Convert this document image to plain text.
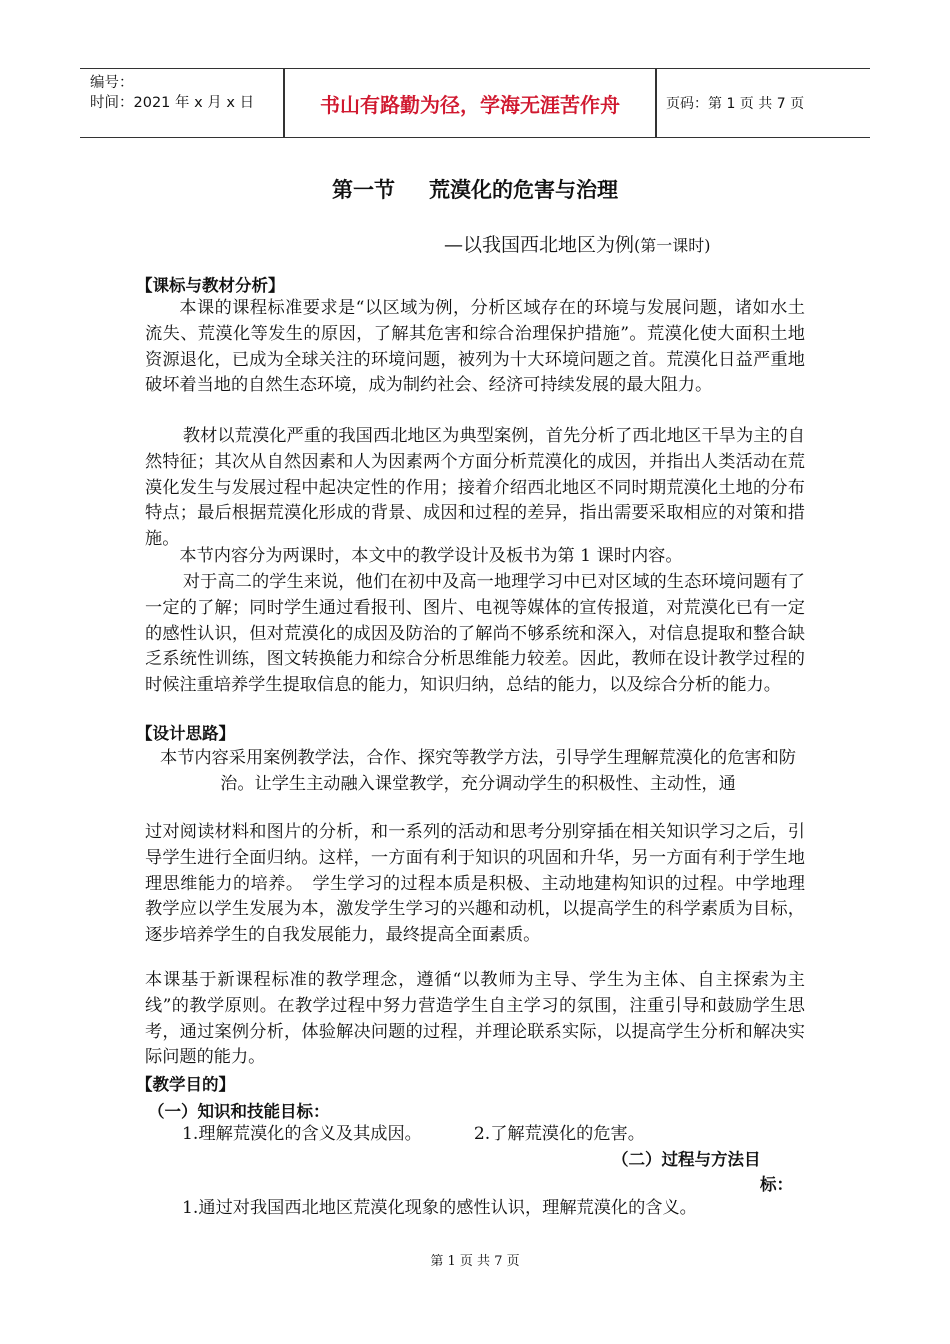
编号：
时间：2021 年 x 月 x 日	书山有路勤为径，学海无涯苦作舟	页码：第 1 页 共 7 页
第一节 荒漠化的危害与治理
—以我国西北地区为例(第一课时)
【课标与教材分析】

本课的课程标准要求是“以区域为例，分析区域存在的环境与发展问题，诸如水土流失、荒漠化等发生的原因，了解其危害和综合治理保护措施”。荒漠化使大面积土地资源退化，已成为全球关注的环境问题，被列为十大环境问题之首。荒漠化日益严重地破坏着当地的自然生态环境，成为制约社会、经济可持续发展的最大阻力。

教材以荒漠化严重的我国西北地区为典型案例，首先分析了西北地区干旱为主的自然特征；其次从自然因素和人为因素两个方面分析荒漠化的成因，并指出人类活动在荒漠化发生与发展过程中起决定性的作用；接着介绍西北地区不同时期荒漠化土地的分布特点；最后根据荒漠化形成的背景、成因和过程的差异，指出需要采取相应的对策和措施。

本节内容分为两课时，本文中的教学设计及板书为第 1 课时内容。

对于高二的学生来说，他们在初中及高一地理学习中已对区域的生态环境问题有了一定的了解；同时学生通过看报刊、图片、电视等媒体的宣传报道，对荒漠化已有一定的感性认识，但对荒漠化的成因及防治的了解尚不够系统和深入，对信息提取和整合缺乏系统性训练，图文转换能力和综合分析思维能力较差。因此，教师在设计教学过程的时候注重培养学生提取信息的能力，知识归纳，总结的能力，以及综合分析的能力。

【设计思路】

本节内容采用案例教学法，合作、探究等教学方法，引导学生理解荒漠化的危害和防治。让学生主动融入课堂教学，充分调动学生的积极性、主动性，通

过对阅读材料和图片的分析，和一系列的活动和思考分别穿插在相关知识学习之后，引导学生进行全面归纳。这样，一方面有利于知识的巩固和升华，另一方面有利于学生地理思维能力的培养。　学生学习的过程本质是积极、主动地建构知识的过程。中学地理教学应以学生发展为本，激发学生学习的兴趣和动机，以提高学生的科学素质为目标，逐步培养学生的自我发展能力，最终提高全面素质。

本课基于新课程标准的教学理念，遵循“以教师为主导、学生为主体、自主探索为主线”的教学原则。在教学过程中努力营造学生自主学习的氛围，注重引导和鼓励学生思考，通过案例分析，体验解决问题的过程，并理论联系实际，以提高学生分析和解决实际问题的能力。

【教学目的】
（一）知识和技能目标：
1.理解荒漠化的含义及其成因。	2.了解荒漠化的危害。
（二）过程与方法目
标：
1.通过对我国西北地区荒漠化现象的感性认识，理解荒漠化的含义。
第 1 页 共 7 页
